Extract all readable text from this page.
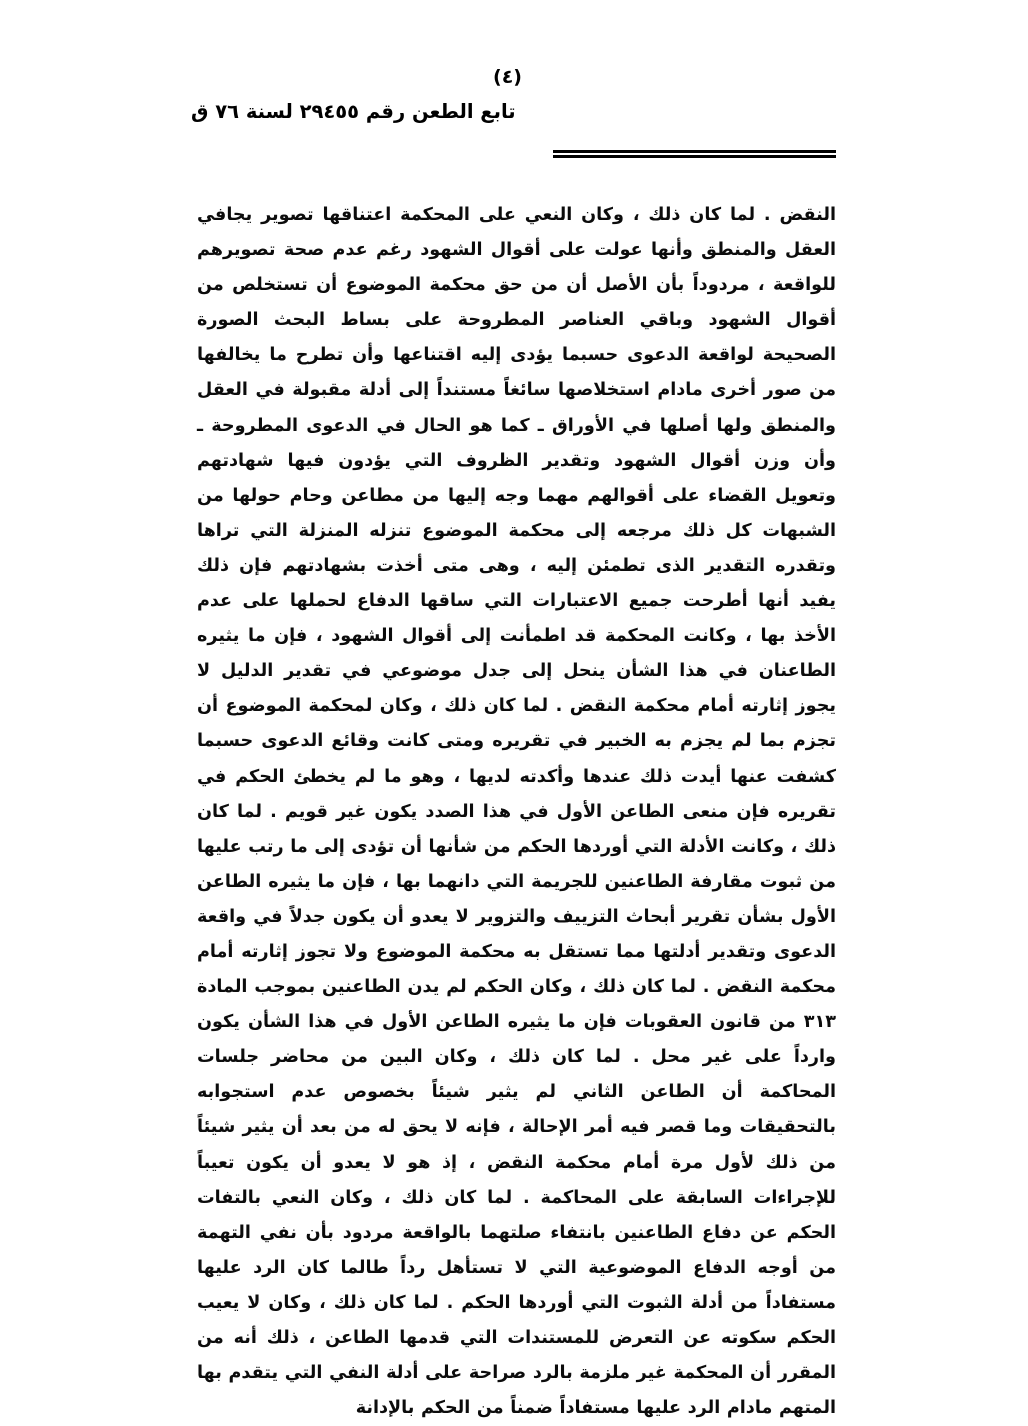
(٤)
تابع الطعن رقم ٢٩٤٥٥ لسنة ٧٦ ق

النقض . لما كان ذلك ، وكان النعي على المحكمة اعتناقها تصوير يجافي العقل والمنطق وأنها عولت على أقوال الشهود رغم عدم صحة تصويرهم للواقعة ، مردوداً بأن الأصل أن من حق محكمة الموضوع أن تستخلص من أقوال الشهود وباقي العناصر المطروحة على بساط البحث الصورة الصحيحة لواقعة الدعوى حسبما يؤدى إليه اقتناعها وأن تطرح ما يخالفها من صور أخرى مادام استخلاصها سائغاً مستنداً إلى أدلة مقبولة في العقل والمنطق ولها أصلها في الأوراق ـ كما هو الحال في الدعوى المطروحة ـ وأن وزن أقوال الشهود وتقدير الظروف التي يؤدون فيها شهادتهم وتعويل القضاء على أقوالهم مهما وجه إليها من مطاعن وحام حولها من الشبهات كل ذلك مرجعه إلى محكمة الموضوع تنزله المنزلة التي تراها وتقدره التقدير الذى تطمئن إليه ، وهى متى أخذت بشهادتهم فإن ذلك يفيد أنها أطرحت جميع الاعتبارات التي ساقها الدفاع لحملها على عدم الأخذ بها ، وكانت المحكمة قد اطمأنت إلى أقوال الشهود ، فإن ما يثيره الطاعنان في هذا الشأن ينحل إلى جدل موضوعي في تقدير الدليل لا يجوز إثارته أمام محكمة النقض . لما كان ذلك ، وكان لمحكمة الموضوع أن تجزم بما لم يجزم به الخبير في تقريره ومتى كانت وقائع الدعوى حسبما كشفت عنها أيدت ذلك عندها وأكدته لديها ، وهو ما لم يخطئ الحكم في تقريره فإن منعى الطاعن الأول في هذا الصدد يكون غير قويم . لما كان ذلك ، وكانت الأدلة التي أوردها الحكم من شأنها أن تؤدى إلى ما رتب عليها من ثبوت مقارفة الطاعنين للجريمة التي دانهما بها ، فإن ما يثيره الطاعن الأول بشأن تقرير أبحاث التزييف والتزوير لا يعدو أن يكون جدلاً في واقعة الدعوى وتقدير أدلتها مما تستقل به محكمة الموضوع ولا تجوز إثارته أمام محكمة النقض . لما كان ذلك ، وكان الحكم لم يدن الطاعنين بموجب المادة ٣١٣ من قانون العقوبات فإن ما يثيره الطاعن الأول في هذا الشأن يكون وارداً على غير محل . لما كان ذلك ، وكان البين من محاضر جلسات المحاكمة أن الطاعن الثاني لم يثير شيئاً بخصوص عدم استجوابه بالتحقيقات وما قصر فيه أمر الإحالة ، فإنه لا يحق له من بعد أن يثير شيئاً من ذلك لأول مرة أمام محكمة النقض ، إذ هو لا يعدو أن يكون تعيباً للإجراءات السابقة على المحاكمة . لما كان ذلك ، وكان النعي بالتفات الحكم عن دفاع الطاعنين بانتفاء صلتهما بالواقعة مردود بأن نفي التهمة من أوجه الدفاع الموضوعية التي لا تستأهل رداً طالما كان الرد عليها مستفاداً من أدلة الثبوت التي أوردها الحكم . لما كان ذلك ، وكان لا يعيب الحكم سكوته عن التعرض للمستندات التي قدمها الطاعن ، ذلك أنه من المقرر أن المحكمة غير ملزمة بالرد صراحة على أدلة النفي التي يتقدم بها المتهم مادام الرد عليها مستفاداً ضمناً من الحكم بالإدانة
